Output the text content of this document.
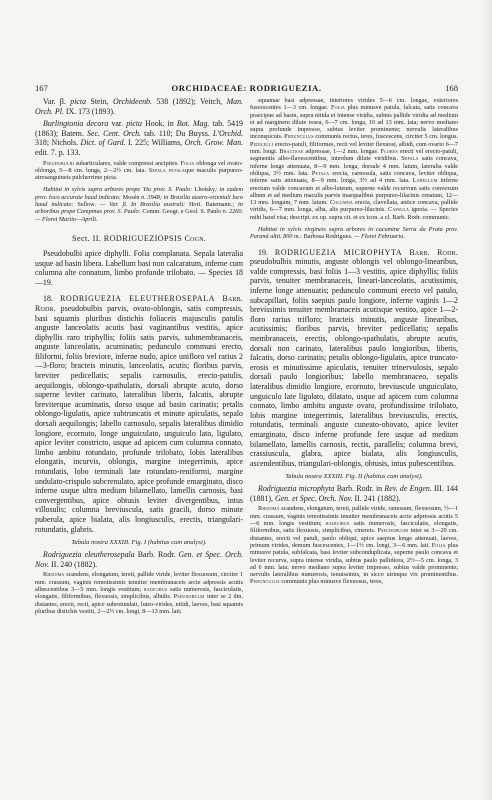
167	ORCHIDACEAE: RODRIGUEZIA.	168

Var. β. picta Stein, Orchideenb. 538 (1892); Veitch, Man. Orch. Pl. IX. 173 (1893).

Burlingtonia decora var. picta Hook. in Bot. Mag. tab. 5419 (1863); Batem. Sec. Cent. Orch. tab. 110; Du Buyss. L'Orchid. 318; Nichols. Dict. of Gard. I. 225; Williams, Orch. Grow. Man. edit. 7. p. 133.

Pseudobulbi subarticulares, valde compressi ancipites. Folia oblonga vel ovato-oblonga, 5—8 cm. longa, 2—2½ cm. lata. Sepala petalaque maculis purpureo-atrosanguineis pulcherrime picta.

Habitat in sylvis supra arbores prope Ytu prov. S. Paulo: Lhotsky; in eadem prov. loco accurate haud indicato: Mosén n. 3948; in Brasilia austro-orientali loco haud indicato: Sellow. — Var. β. In Brasilia australi: Hort. Batemann.; in arboribus prope Campinas prov. S. Paulo: Comm. Geogr. e Geol. S. Paulo n. 2260. — Floret Martio—Aprili.

Sect. II. RODRIGUEZIOPSIS Cogn.

Pseudobulbi apice diphylli. Folia complanata. Sepala lateralia usque ad basin libera. Labellum basi non calcaratum, inferne cum columna alte connatum, limbo profunde trilobato. — Species 18—19.

18. RODRIGUEZIA ELEUTHEROSEPALA Barb. Rodr. pseudobulbis parvis, ovato-oblongis, satis compressis, basi squamis pluribus distichis foliaceis majusculis patulis anguste lanceolatis acutis basi vaginantibus vestitis, apice diphyllis raro triphyllis; foliis satis parvis, submembranaceis, anguste lanceolatis, acuminatis; pedunculo communi erecto, filiformi, foliis breviore, inferne nudo, apice unifloro vel rarius 2—3-floro; bracteis minutis, lanceolatis, acutis; floribus parvis, breviter pedicellatis; sepalis carnosulis, erecto-patulis, aequilongis, oblongo-spathulatis, dorsali abrupte acuto, dorso superne leviter carinato, lateralibus liberis, falcatis, abrupte breviterque acuminatis, dorso usque ad basin carinatis; petalis oblongo-ligulatis, apice subtruncatis et minute apiculatis, sepalo dorsali aequilongis; labello carnosulo, sepalis lateralibus dimidio longiore, ecornuto, longe unguiculato, unguiculo lato, ligulato, apice leviter constricto, usque ad apicem cum columna connato, limbo ambitu rotundato, profunde trilobato, lobis lateralibus elongatis, incurvis, oblongis, margine integerrimis, apice rotundatis, lobo terminali late rotundato-reniformi, margine undulato-crispulo subcrenulato, apice profunde emarginato, disco inferne usque ultra medium bilamellato, lamellis carnosis, basi convergentibus, apice obtusis leviter divergentibus, intus villosulis; columna breviuscula, satis gracili, dorso minute puberula, apice bialata, alis longiusculis, erectis, triangulari-rotundatis, glabris.

Tabula nostra XXXIII. Fig. I (habitus cum analysi).

Rodriguezia eleutherosepala Barb. Rodr. Gen. et Spec. Orch. Nov. II. 240 (1882).

Rhizoma scandens, elongatum, tereti, pallide viride, leviter flexuosum, circiter 1 mm. crassum, vaginis remotissimis tenuiter membranaceis arcte adpressis acutis albescentibus 3—5 mm. longis vestitum; radicibus satis numerosis, fasciculatis, elongatis, filiformibus, flexuosis, simplicibus, albidis. Pseudobulbi inter se 2 dm. distantes, erecti, recti, apice subrotundati, luteo-virides, nitidi, laeves, basi squamis pluribus distichis vestiti, 2—2½ cm. longi, 8—13 mm. lati;

squamae basi adpressae, interiores virides 5—6 cm. longae, exteriores fuscescentes 1—3 cm. longae. Folia plus minusve patula, falcata, satis concava praecipue ad basin, supra nitida et intense viridia, subtus pallide viridia ad medium et ad marginem dilute rosea, 6—7 cm. longa, 10 ad 13 mm. lata; nervo mediano supra profunde impresso, subtus leviter prominente; nervulis lateralibus inconspicuis. Pedunculus communis rectus, teres, fuscescens, circiter 5 cm. longus. Pedicelli erecto-patuli, filiformes, recti vel leviter flexuosi, albidi, cum ovario 6—7 mm. longi. Bracteae adpressae, 1—2 mm. longae. Flores erecti vel erecto-patuli, segmentis albo-flavescentibus, interdum dilute viridibus. Sepala satis concava, inferne longe attenuata, 8—9 mm. longa, dorsale 4 mm. latum, lateralia valde obliqua, 3½ mm. lata. Petala erecta, carnosula, satis concava, leviter obliqua, inferne satis attenuata, 8—9 mm. longa, 3½ ad 4 mm. lata. Labellum inferne erectum valde concavum et albo-luteum, superne valde recurvum satis convexum album et ad medium maculis parvis inaequalibus purpureo-lilacinis ornatum, 12—13 mm. longum, 7 mm. latum. Columna erecta, clavellata, antice concava, pallide viridis, 6—7 mm. longa, alba, alis purpureo-lilacinis. Capsula ignota. — Species mihi haud visa; descript. ex op. supra cit. et ex icon. a cl. Barb. Rodr. communic.

Habitat in sylvis virgineis supra arbores in cacumine Serra da Prata prov. Paraná altit. 800 m.: Barbosa Rodrigues. — Floret Februario.

19. RODRIGUEZIA MICROPHYTA Barb. Rodr. pseudobulbis minutis, anguste oblongis vel oblongo-linearibus, valde compressis, basi foliis 1—3 vestitis, apice diphyllis; foliis parvis, tenuiter membranaceis, lineari-lanceolatis, acutissimis, inferne longe attenuatis; pedunculo communi erecto vel patulo, subcapillari, foliis saepius paulo longiore, inferne vaginis 1—2 brevissimis tenuiter membranaceis acutisque vestito, apice 1—2-floro rarius trifloro; bracteis minutis, anguste linearibus, acutissimis; floribus parvis, breviter pedicellatis; sepalis membranaceis, erectis, oblongo-spathulatis, abrupte acutis, dorsali non carinato, lateralibus paulo longioribus, liberis, falcatis, dorso carinatis; petalis oblongo-ligulatis, apice truncato-erosis et minutissime apiculatis, tenuiter trinervulosis, sepalo dorsali paulo longioribus; labello membranaceo, sepalis lateralibus dimidio longiore, ecornuto, breviuscule unguiculato, unguiculo late ligulato, dilatato, usque ad apicem cum columna connato, limbo ambitu anguste ovato, profundissime trilobato, lobis margine integerrimis, lateralibus breviusculis, erectis, rotundatis, terminali anguste cuneato-obovato, apice leviter emarginato, disco inferne profunde fere usque ad medium bilamellato, lamellis carnosis, rectis, parallelis; columna brevi, crassiuscula, glabra, apice bialata, alis longiusculis, ascendentibus, triangulari-oblongis, obtusis, intus pubescentibus.

Tabula nostra XXXIII. Fig. II (habitus cum analysi).

Rodriguezia microphyta Barb. Rodr. in Rev. de Engen. III. 144 (1881), Gen. et Spec. Orch. Nov. II. 241 (1882).

Rhizoma scandens, elongatum, tereti, pallide viride, ramosum, flexuosum, ½—1 mm. crassum, vaginis remotissimis tenuiter membranaceis arcte adpressis acutis 5—6 mm. longis vestitum; radicibus satis numerosis, fasciculatis, elongatis, filiformibus, satis flexuosis, simplicibus, cinereis. Pseudobulbi inter se 3—20 cm. distantes, erecti vel patuli, paulo obliqui, apice saepius longe attenuati, laeves, primum virides, demum fuscescentes, 1—1½ cm. longi, 3—6 mm. lati. Folia plus minusve patula, subfalcata, basi leviter subconduplicata, superne paulo concava et leviter recurva, supra intense viridia, subtus paulo pallidiora, 2½—5 cm. longa, 3 ad 6 mm. lata; nervo mediano supra leviter impresso, subtus valde prominente; nervulis lateralibus numerosis, tenuissimis, in sicco utrinque vix prominentibus. Pedunculus communis plus minusve flexuosus, teres,
